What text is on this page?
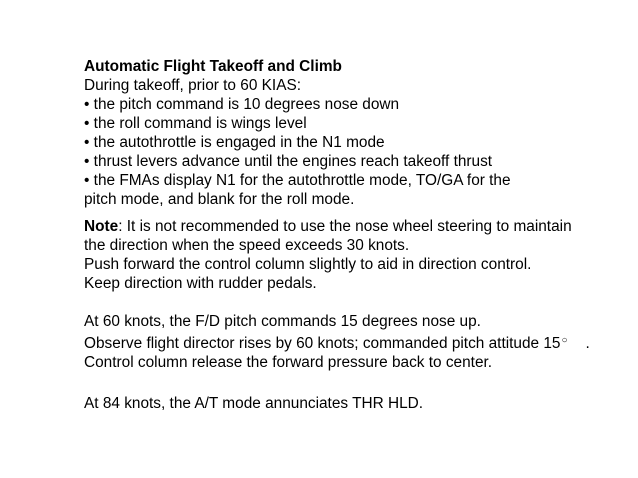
Automatic Flight Takeoff and Climb
During takeoff, prior to 60 KIAS:
• the pitch command is 10 degrees nose down
• the roll command is wings level
• the autothrottle is engaged in the N1 mode
• thrust levers advance until the engines reach takeoff thrust
• the FMAs display N1 for the autothrottle mode, TO/GA for the
pitch mode, and blank for the roll mode.
Note: It is not recommended to use the nose wheel steering to maintain
the direction when the speed exceeds 30 knots.
Push forward the control column slightly to aid in direction control.
Keep direction with rudder pedals.
At 60 knots, the F/D pitch commands 15 degrees nose up.
Observe flight director rises by 60 knots; commanded pitch attitude 15○ .
Control column release the forward pressure back to center.
At 84 knots, the A/T mode annunciates THR HLD.
